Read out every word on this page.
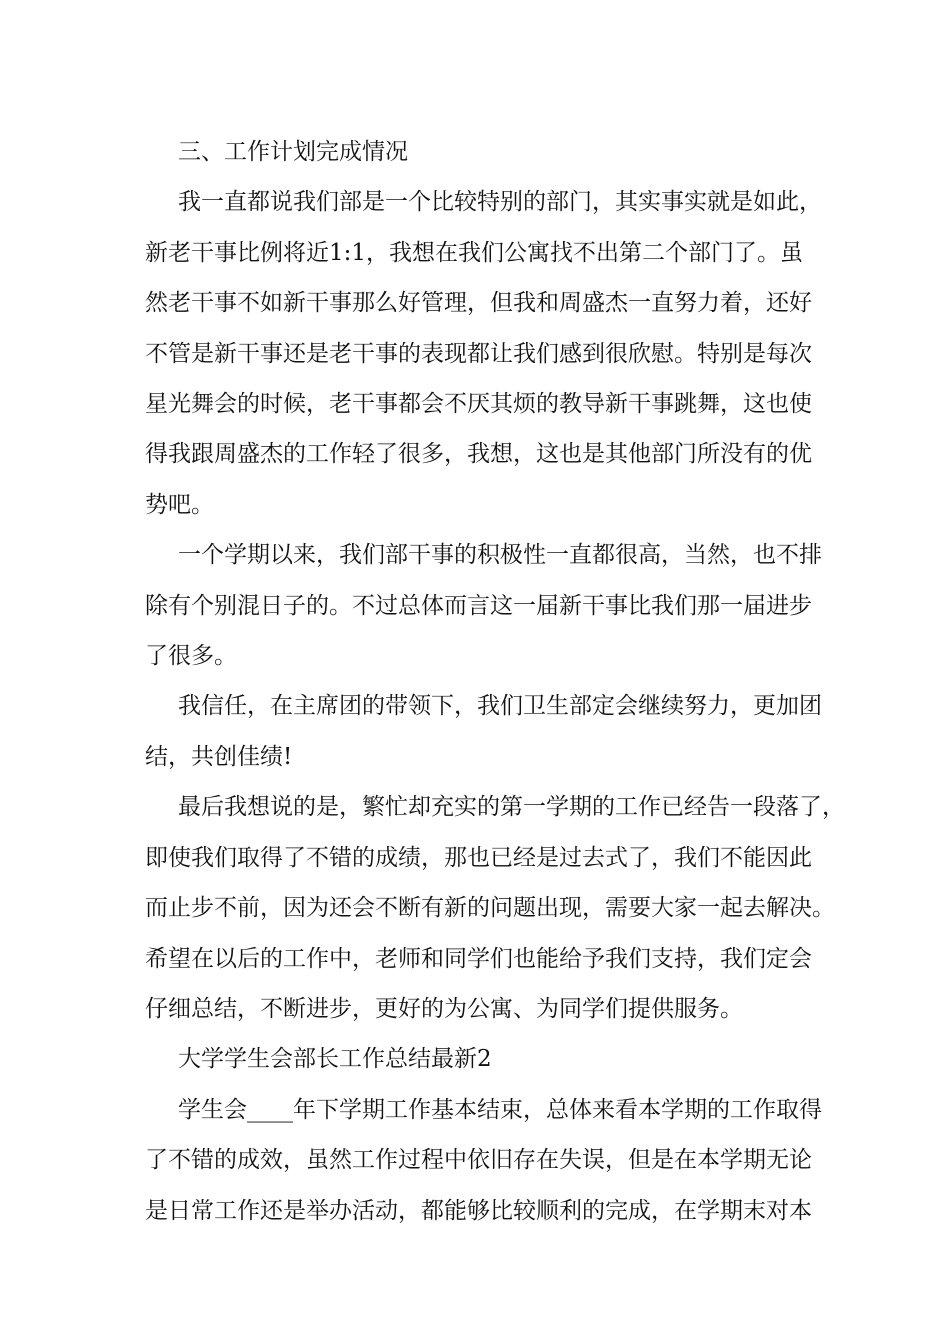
三、工作计划完成情况
我一直都说我们部是一个比较特别的部门，其实事实就是如此，
新老干事比例将近1:1，我想在我们公寓找不出第二个部门了。虽
然老干事不如新干事那么好管理，但我和周盛杰一直努力着，还好
不管是新干事还是老干事的表现都让我们感到很欣慰。特别是每次
星光舞会的时候，老干事都会不厌其烦的教导新干事跳舞，这也使
得我跟周盛杰的工作轻了很多，我想，这也是其他部门所没有的优
势吧。
一个学期以来，我们部干事的积极性一直都很高，当然，也不排
除有个别混日子的。不过总体而言这一届新干事比我们那一届进步
了很多。
我信任，在主席团的带领下，我们卫生部定会继续努力，更加团
结，共创佳绩!
最后我想说的是，繁忙却充实的第一学期的工作已经告一段落了，
即使我们取得了不错的成绩，那也已经是过去式了，我们不能因此
而止步不前，因为还会不断有新的问题出现，需要大家一起去解决。
希望在以后的工作中，老师和同学们也能给予我们支持，我们定会
仔细总结，不断进步，更好的为公寓、为同学们提供服务。
大学学生会部长工作总结最新2
学生会____年下学期工作基本结束，总体来看本学期的工作取得
了不错的成效，虽然工作过程中依旧存在失误，但是在本学期无论
是日常工作还是举办活动，都能够比较顺利的完成，在学期末对本
